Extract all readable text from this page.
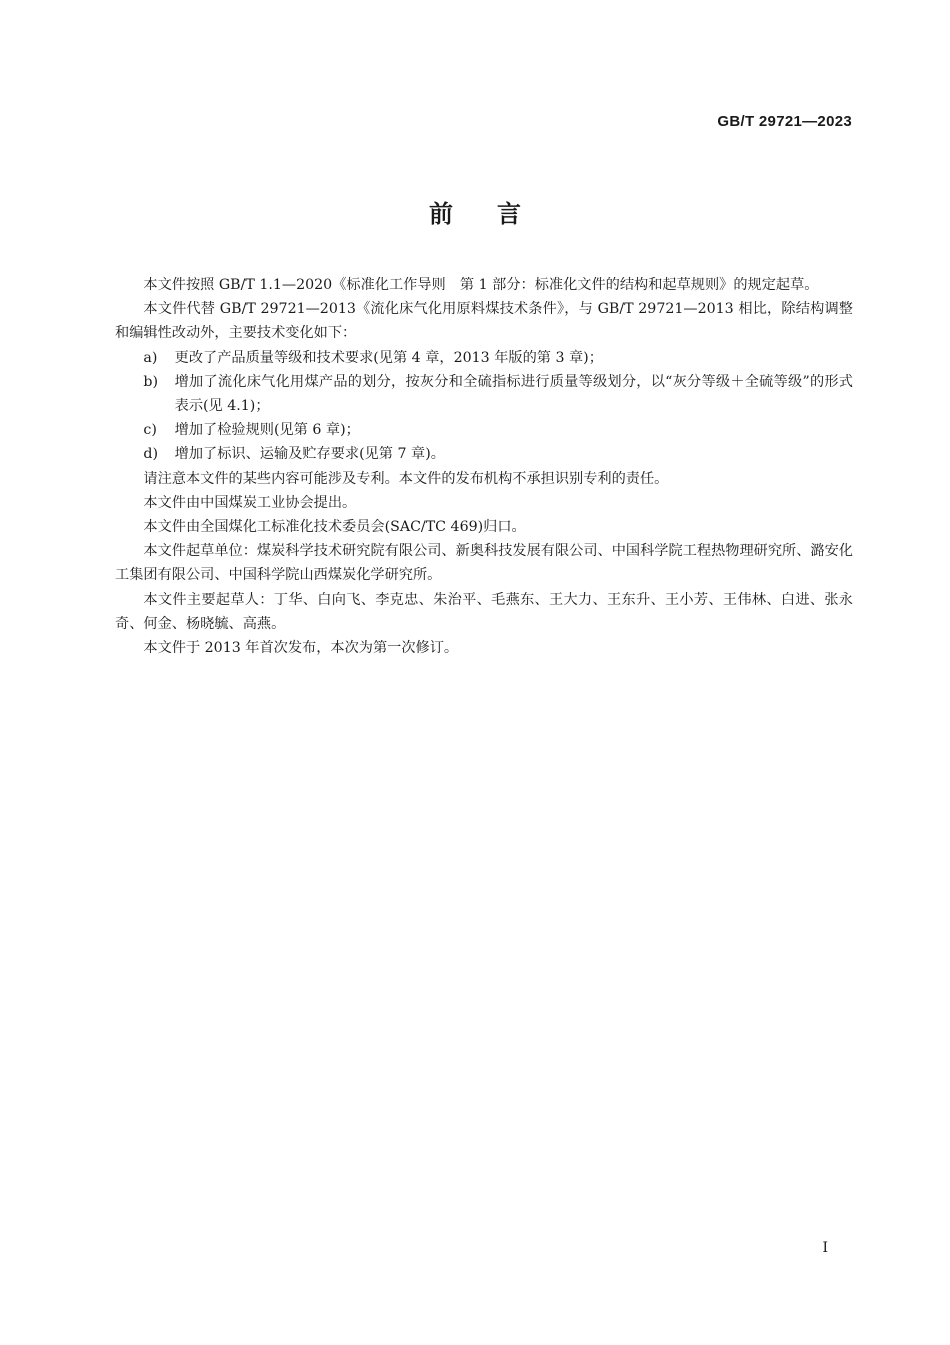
GB/T 29721—2023
前言

本文件按照 GB/T 1.1—2020《标准化工作导则　第 1 部分：标准化文件的结构和起草规则》的规定起草。

本文件代替 GB/T 29721—2013《流化床气化用原料煤技术条件》，与 GB/T 29721—2013 相比，除结构调整和编辑性改动外，主要技术变化如下：

a)	更改了产品质量等级和技术要求(见第 4 章，2013 年版的第 3 章)；
b)	增加了流化床气化用煤产品的划分，按灰分和全硫指标进行质量等级划分，以“灰分等级＋全硫等级”的形式表示(见 4.1)；
c)	增加了检验规则(见第 6 章)；
d)	增加了标识、运输及贮存要求(见第 7 章)。

请注意本文件的某些内容可能涉及专利。本文件的发布机构不承担识别专利的责任。

本文件由中国煤炭工业协会提出。

本文件由全国煤化工标准化技术委员会(SAC/TC 469)归口。

本文件起草单位：煤炭科学技术研究院有限公司、新奥科技发展有限公司、中国科学院工程热物理研究所、潞安化工集团有限公司、中国科学院山西煤炭化学研究所。

本文件主要起草人：丁华、白向飞、李克忠、朱治平、毛燕东、王大力、王东升、王小芳、王伟林、白进、张永奇、何金、杨晓毓、高燕。

本文件于 2013 年首次发布，本次为第一次修订。

I
